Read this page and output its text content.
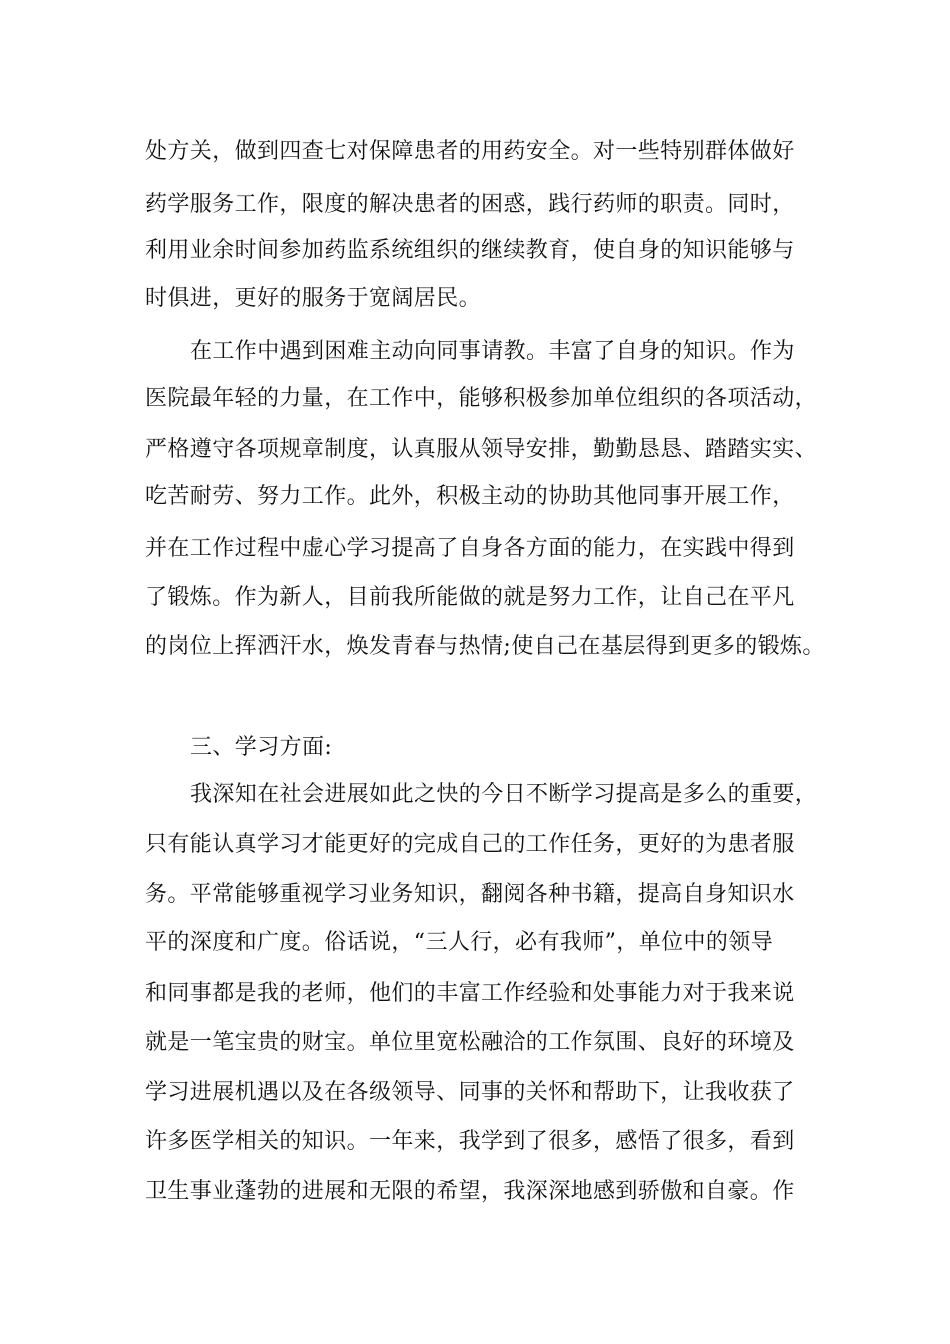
处方关，做到四查七对保障患者的用药安全。对一些特别群体做好
药学服务工作，限度的解决患者的困惑，践行药师的职责。同时，
利用业余时间参加药监系统组织的继续教育，使自身的知识能够与
时俱进，更好的服务于宽阔居民。
在工作中遇到困难主动向同事请教。丰富了自身的知识。作为
医院最年轻的力量，在工作中，能够积极参加单位组织的各项活动，
严格遵守各项规章制度，认真服从领导安排，勤勤恳恳、踏踏实实、
吃苦耐劳、努力工作。此外，积极主动的协助其他同事开展工作，
并在工作过程中虚心学习提高了自身各方面的能力，在实践中得到
了锻炼。作为新人，目前我所能做的就是努力工作，让自己在平凡
的岗位上挥洒汗水，焕发青春与热情;使自己在基层得到更多的锻炼。
三、学习方面:
我深知在社会进展如此之快的今日不断学习提高是多么的重要，
只有能认真学习才能更好的完成自己的工作任务，更好的为患者服
务。平常能够重视学习业务知识，翻阅各种书籍，提高自身知识水
平的深度和广度。俗话说，“三人行，必有我师”，单位中的领导
和同事都是我的老师，他们的丰富工作经验和处事能力对于我来说
就是一笔宝贵的财宝。单位里宽松融洽的工作氛围、良好的环境及
学习进展机遇以及在各级领导、同事的关怀和帮助下，让我收获了
许多医学相关的知识。一年来，我学到了很多，感悟了很多，看到
卫生事业蓬勃的进展和无限的希望，我深深地感到骄傲和自豪。作
